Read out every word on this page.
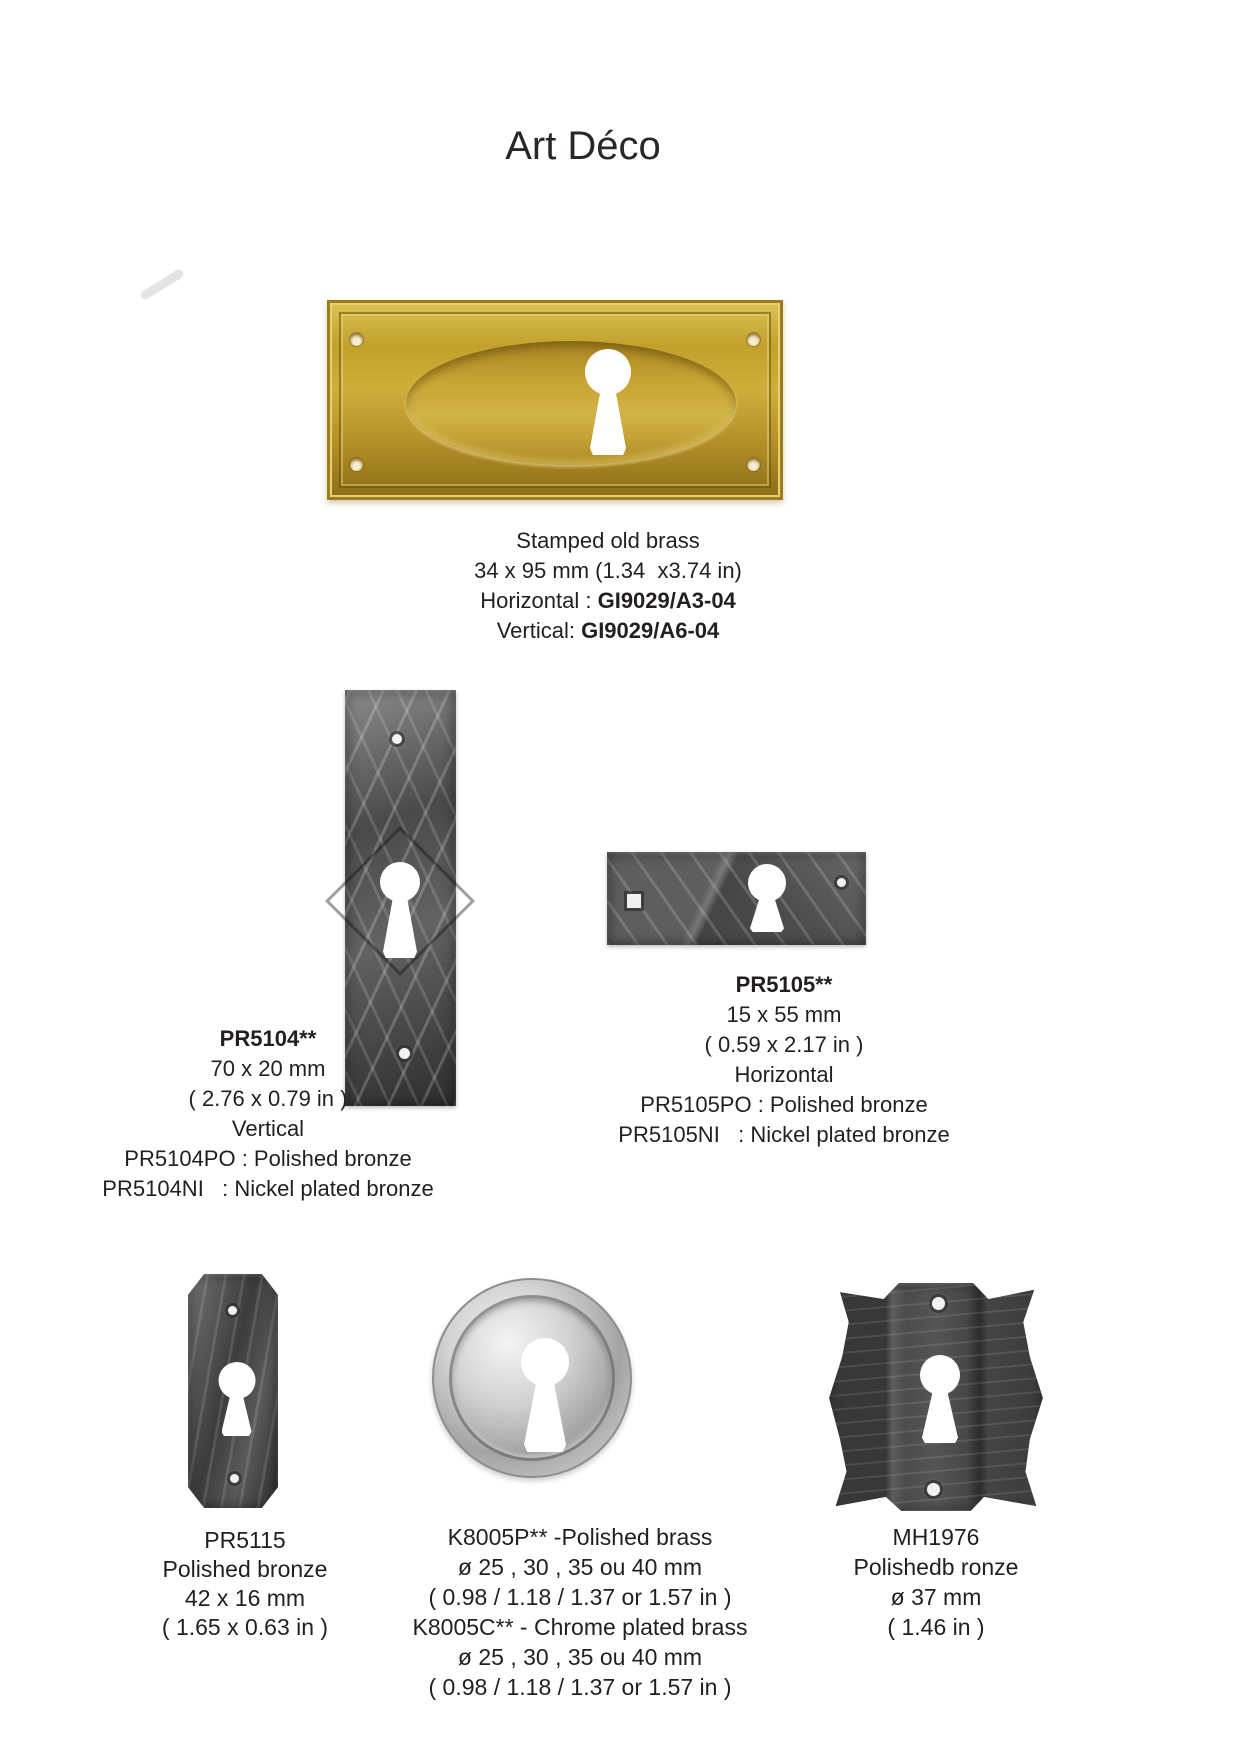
Art Déco
Stamped old brass
34 x 95 mm (1.34  x3.74 in)
Horizontal : GI9029/A3-04
Vertical: GI9029/A6-04
PR5104**
70 x 20 mm
( 2.76 x 0.79 in )
Vertical
PR5104PO : Polished bronze
PR5104NI   : Nickel plated bronze
PR5105**
15 x 55 mm
( 0.59 x 2.17 in )
Horizontal
PR5105PO : Polished bronze
PR5105NI   : Nickel plated bronze
PR5115
Polished bronze
42 x 16 mm
( 1.65 x 0.63 in )
K8005P** -Polished brass
ø 25 , 30 , 35 ou 40 mm
( 0.98 / 1.18 / 1.37 or 1.57 in )
K8005C** - Chrome plated brass
ø 25 , 30 , 35 ou 40 mm
( 0.98 / 1.18 / 1.37 or 1.57 in )
MH1976
Polishedb ronze
ø 37 mm
( 1.46 in )
